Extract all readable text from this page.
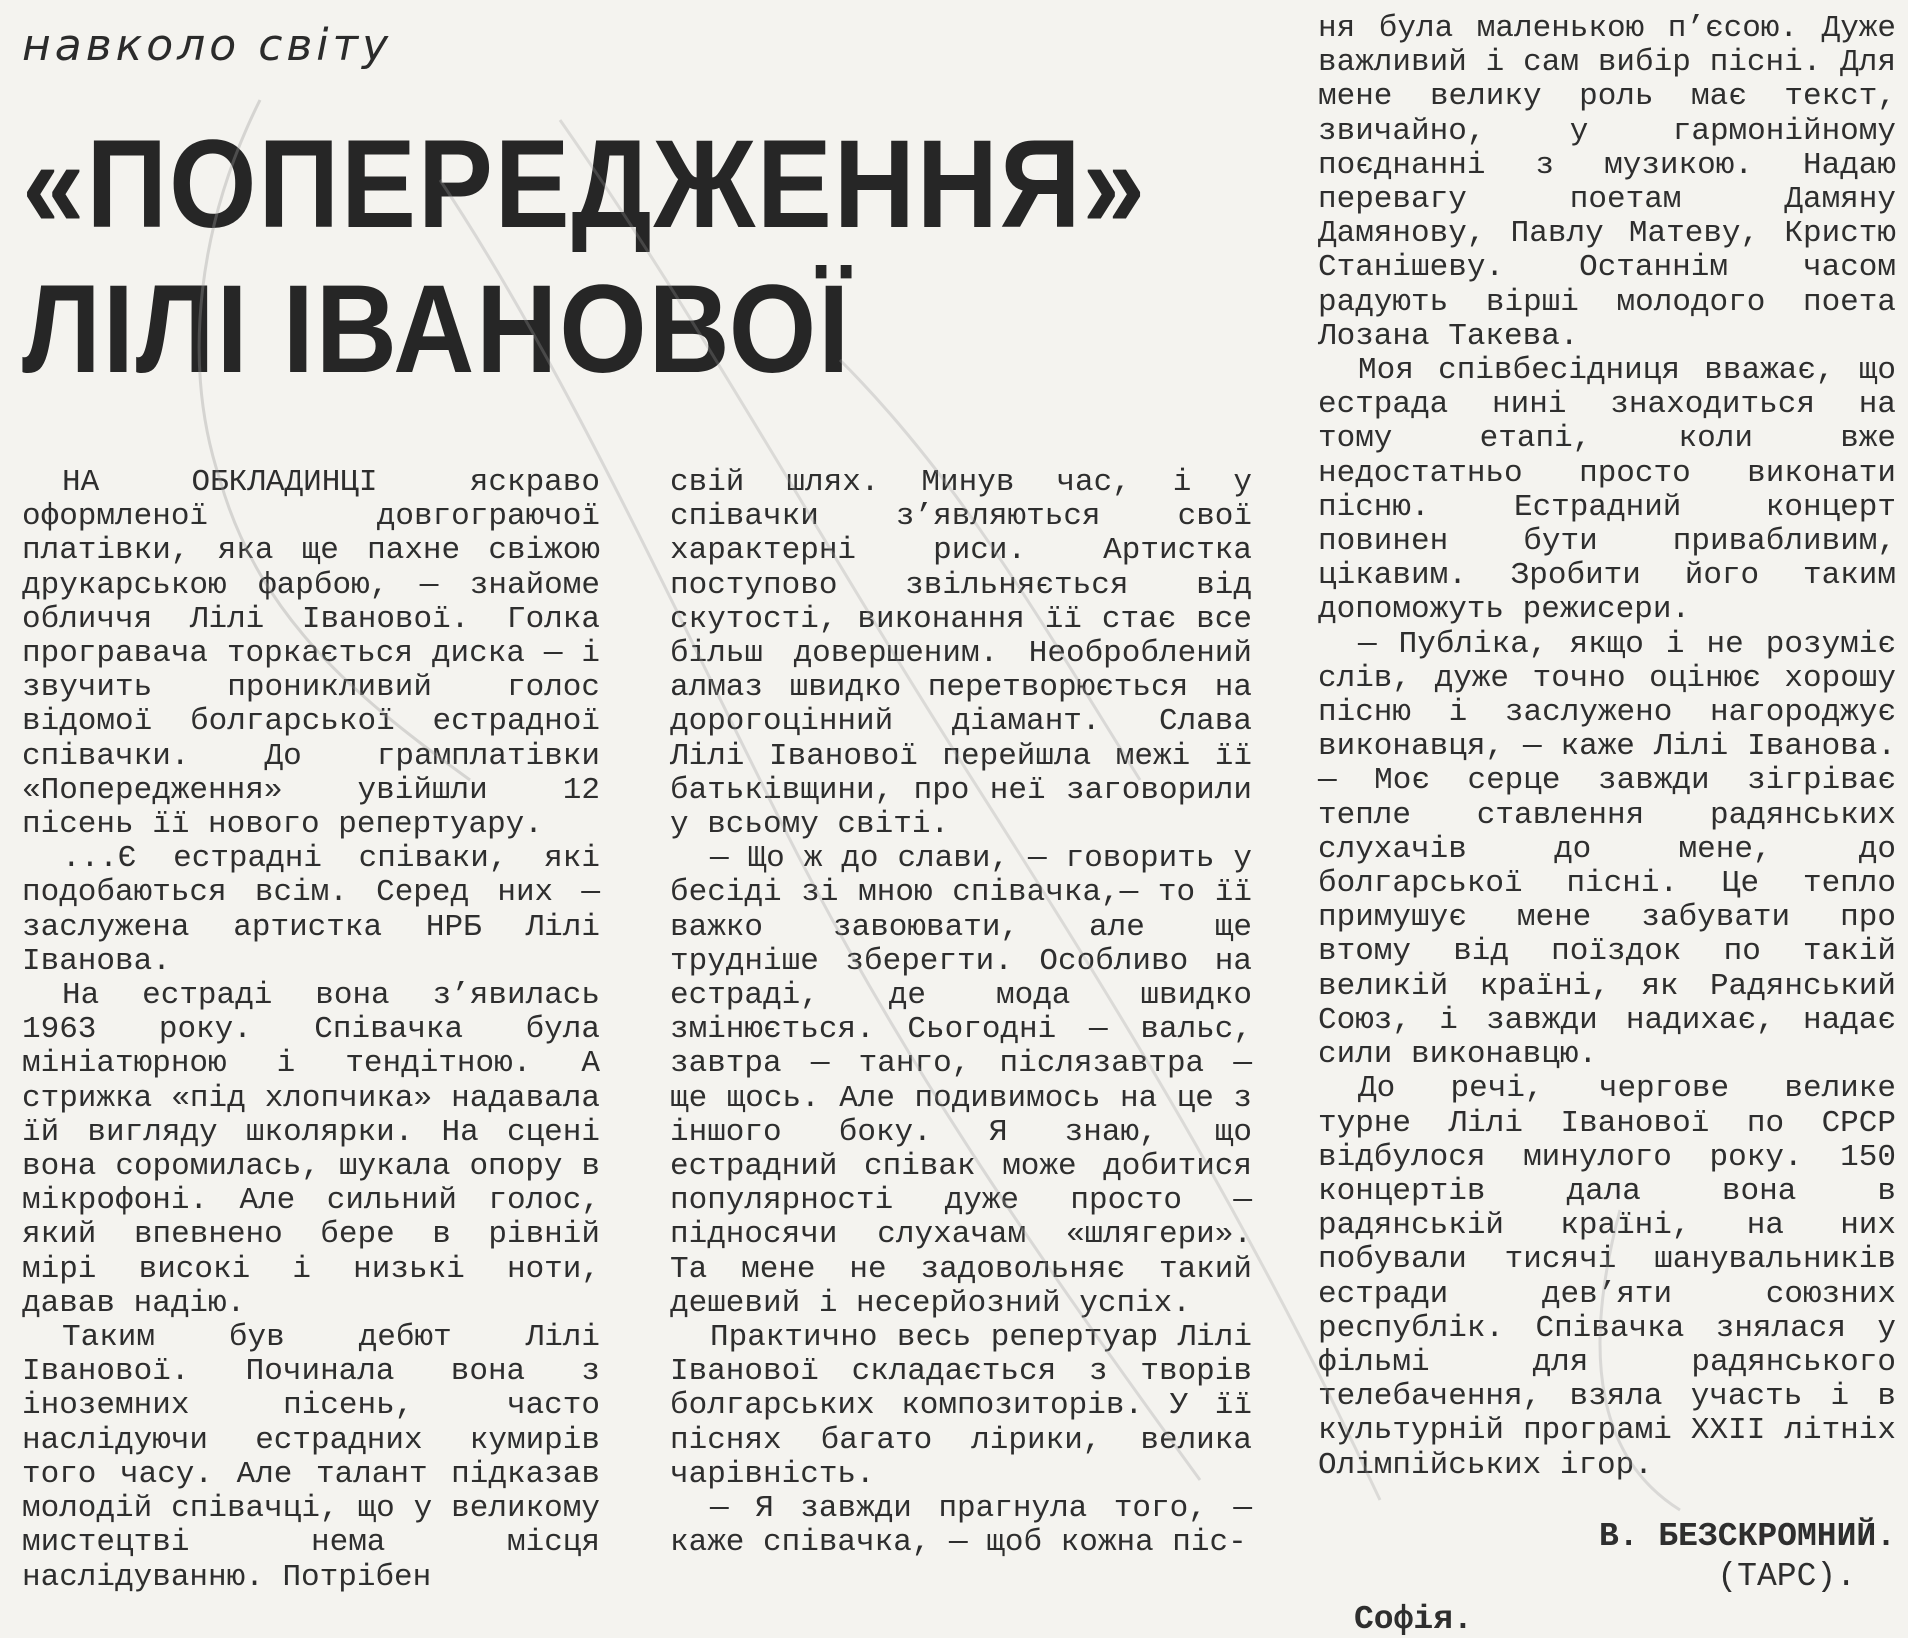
навколо світу
«ПОПЕРЕДЖЕННЯ»
ЛІЛІ ІВАНОВОЇ

НА ОБКЛАДИНЦІ яскраво оформленої довгограючої платівки, яка ще пахне свіжою друкарською фарбою, — знайоме обличчя Лілі Іванової. Голка програвача торкається диска — і звучить проникливий голос відомої болгарської естрадної співачки. До грамплатівки «Попередження» увійшли 12 пісень її нового репертуару.

...Є естрадні співаки, які подобаються всім. Серед них — заслужена артистка НРБ Лілі Іванова.

На естраді вона з’явилась 1963 року. Співачка була мініатюрною і тендітною. А стрижка «під хлопчика» надавала їй вигляду школярки. На сцені вона соромилась, шукала опору в мікрофоні. Але сильний голос, який впевнено бере в рівній мірі високі і низькі ноти, давав надію.

Таким був дебют Лілі Іванової. Починала вона з іноземних пісень, часто наслідуючи естрадних кумирів того часу. Але талант підказав молодій співачці, що у великому мистецтві нема місця наслідуванню. Потрібен

свій шлях. Минув час, і у співачки з’являються свої характерні риси. Артистка поступово звільняється від скутості, виконання її стає все більш довершеним. Необроблений алмаз швидко перетворюється на дорогоцінний діамант. Слава Лілі Іванової перейшла межі її батьківщини, про неї заговорили у всьому світі.

— Що ж до слави, — говорить у бесіді зі мною співачка,— то її важко завоювати, але ще трудніше зберегти. Особливо на естраді, де мода швидко змінюється. Сьогодні — вальс, завтра — танго, післязавтра — ще щось. Але подивимось на це з іншого боку. Я знаю, що естрадний співак може добитися популярності дуже просто — підносячи слухачам «шлягери». Та мене не задовольняє такий дешевий і несерйозний успіх.

Практично весь репертуар Лілі Іванової складається з творів болгарських композиторів. У її піснях багато лірики, велика чарівність.

— Я завжди прагнула того, — каже співачка, — щоб кожна піс-

ня була маленькою п’єсою. Дуже важливий і сам вибір пісні. Для мене велику роль має текст, звичайно, у гармонійному поєднанні з музикою. Надаю перевагу поетам Дамяну Дамянову, Павлу Матеву, Кристю Станішеву. Останнім часом радують вірші молодого поета Лозана Такева.

Моя співбесідниця вважає, що естрада нині знаходиться на тому етапі, коли вже недостатньо просто виконати пісню. Естрадний концерт повинен бути привабливим, цікавим. Зробити його таким допоможуть режисери.

— Публіка, якщо і не розуміє слів, дуже точно оцінює хорошу пісню і заслужено нагороджує виконавця, — каже Лілі Іванова. — Моє серце завжди зігріває тепле ставлення радянських слухачів до мене, до болгарської пісні. Це тепло примушує мене забувати про втому від поїздок по такій великій країні, як Радянський Союз, і завжди надихає, надає сили виконавцю.

До речі, чергове велике турне Лілі Іванової по СРСР відбулося минулого року. 150 концертів дала вона в радянській країні, на них побували тисячі шанувальників естради дев’яти союзних республік. Співачка знялася у фільмі для радянського телебачення, взяла участь і в культурній програмі XXII літніх Олімпійських ігор.

В. БЕЗСКРОМНИЙ.
(ТАРС).
Софія.
